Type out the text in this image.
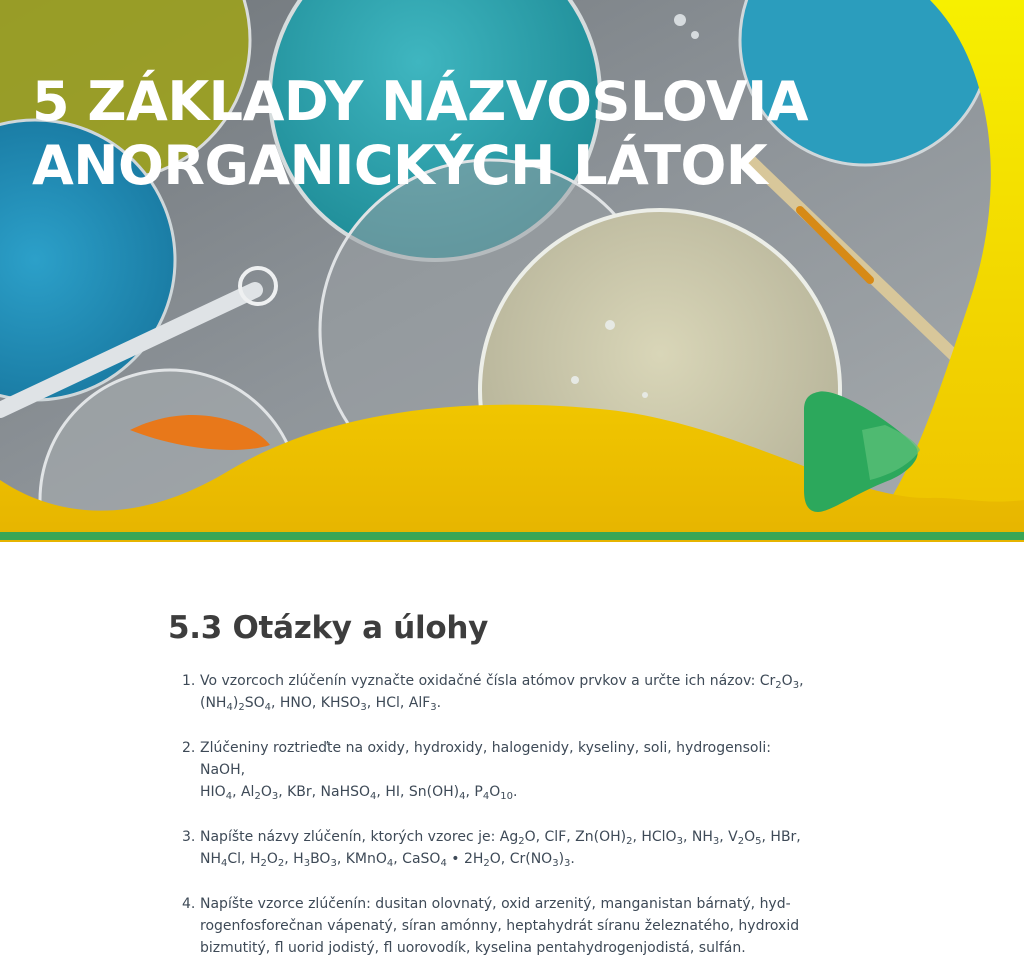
5 ZÁKLADY NÁZVOSLOVIA
ANORGANICKÝCH LÁTOK
5.3 Otázky a úlohy
1. Vo vzorcoch zlúčenín vyznačte oxidačné čísla atómov prvkov a určte ich názov: $Cr_2O_3$,
$(NH_4)_2SO_4$, HNO, $KHSO_3$, HCl, AlF$_3$.
2. Zlúčeniny roztrieďte na oxidy, hydroxidy, halogenidy, kyseliny, soli, hydrogensoli: NaOH,
$HIO_4$, $Al_2O_3$, KBr, NaHSO$_4$, HI, $Sn(OH)_4$, $P_4O_{10}$.
3. Napíšte názvy zlúčenín, ktorých vzorec je: $Ag_2O$, ClF, $Zn(OH)_2$, HClO$_3$, $NH_3$, $V_2O_5$, HBr,
$NH_4Cl$, $H_2O_2$, $H_3BO_3$, KMnO$_4$, CaSO$_4$ • $2H_2O$, $Cr(NO_3)_3$.
4. Napíšte vzorce zlúčenín: dusitan olovnatý, oxid arzenitý, manganistan bárnatý, hyd-
rogenfosforečnan vápenatý, síran amónny, heptahydrát síranu železnatého, hydroxid
bizmutitý, fl uorid jodistý, fl uorovodík, kyselina pentahydrogenjodistá, sulfán.
